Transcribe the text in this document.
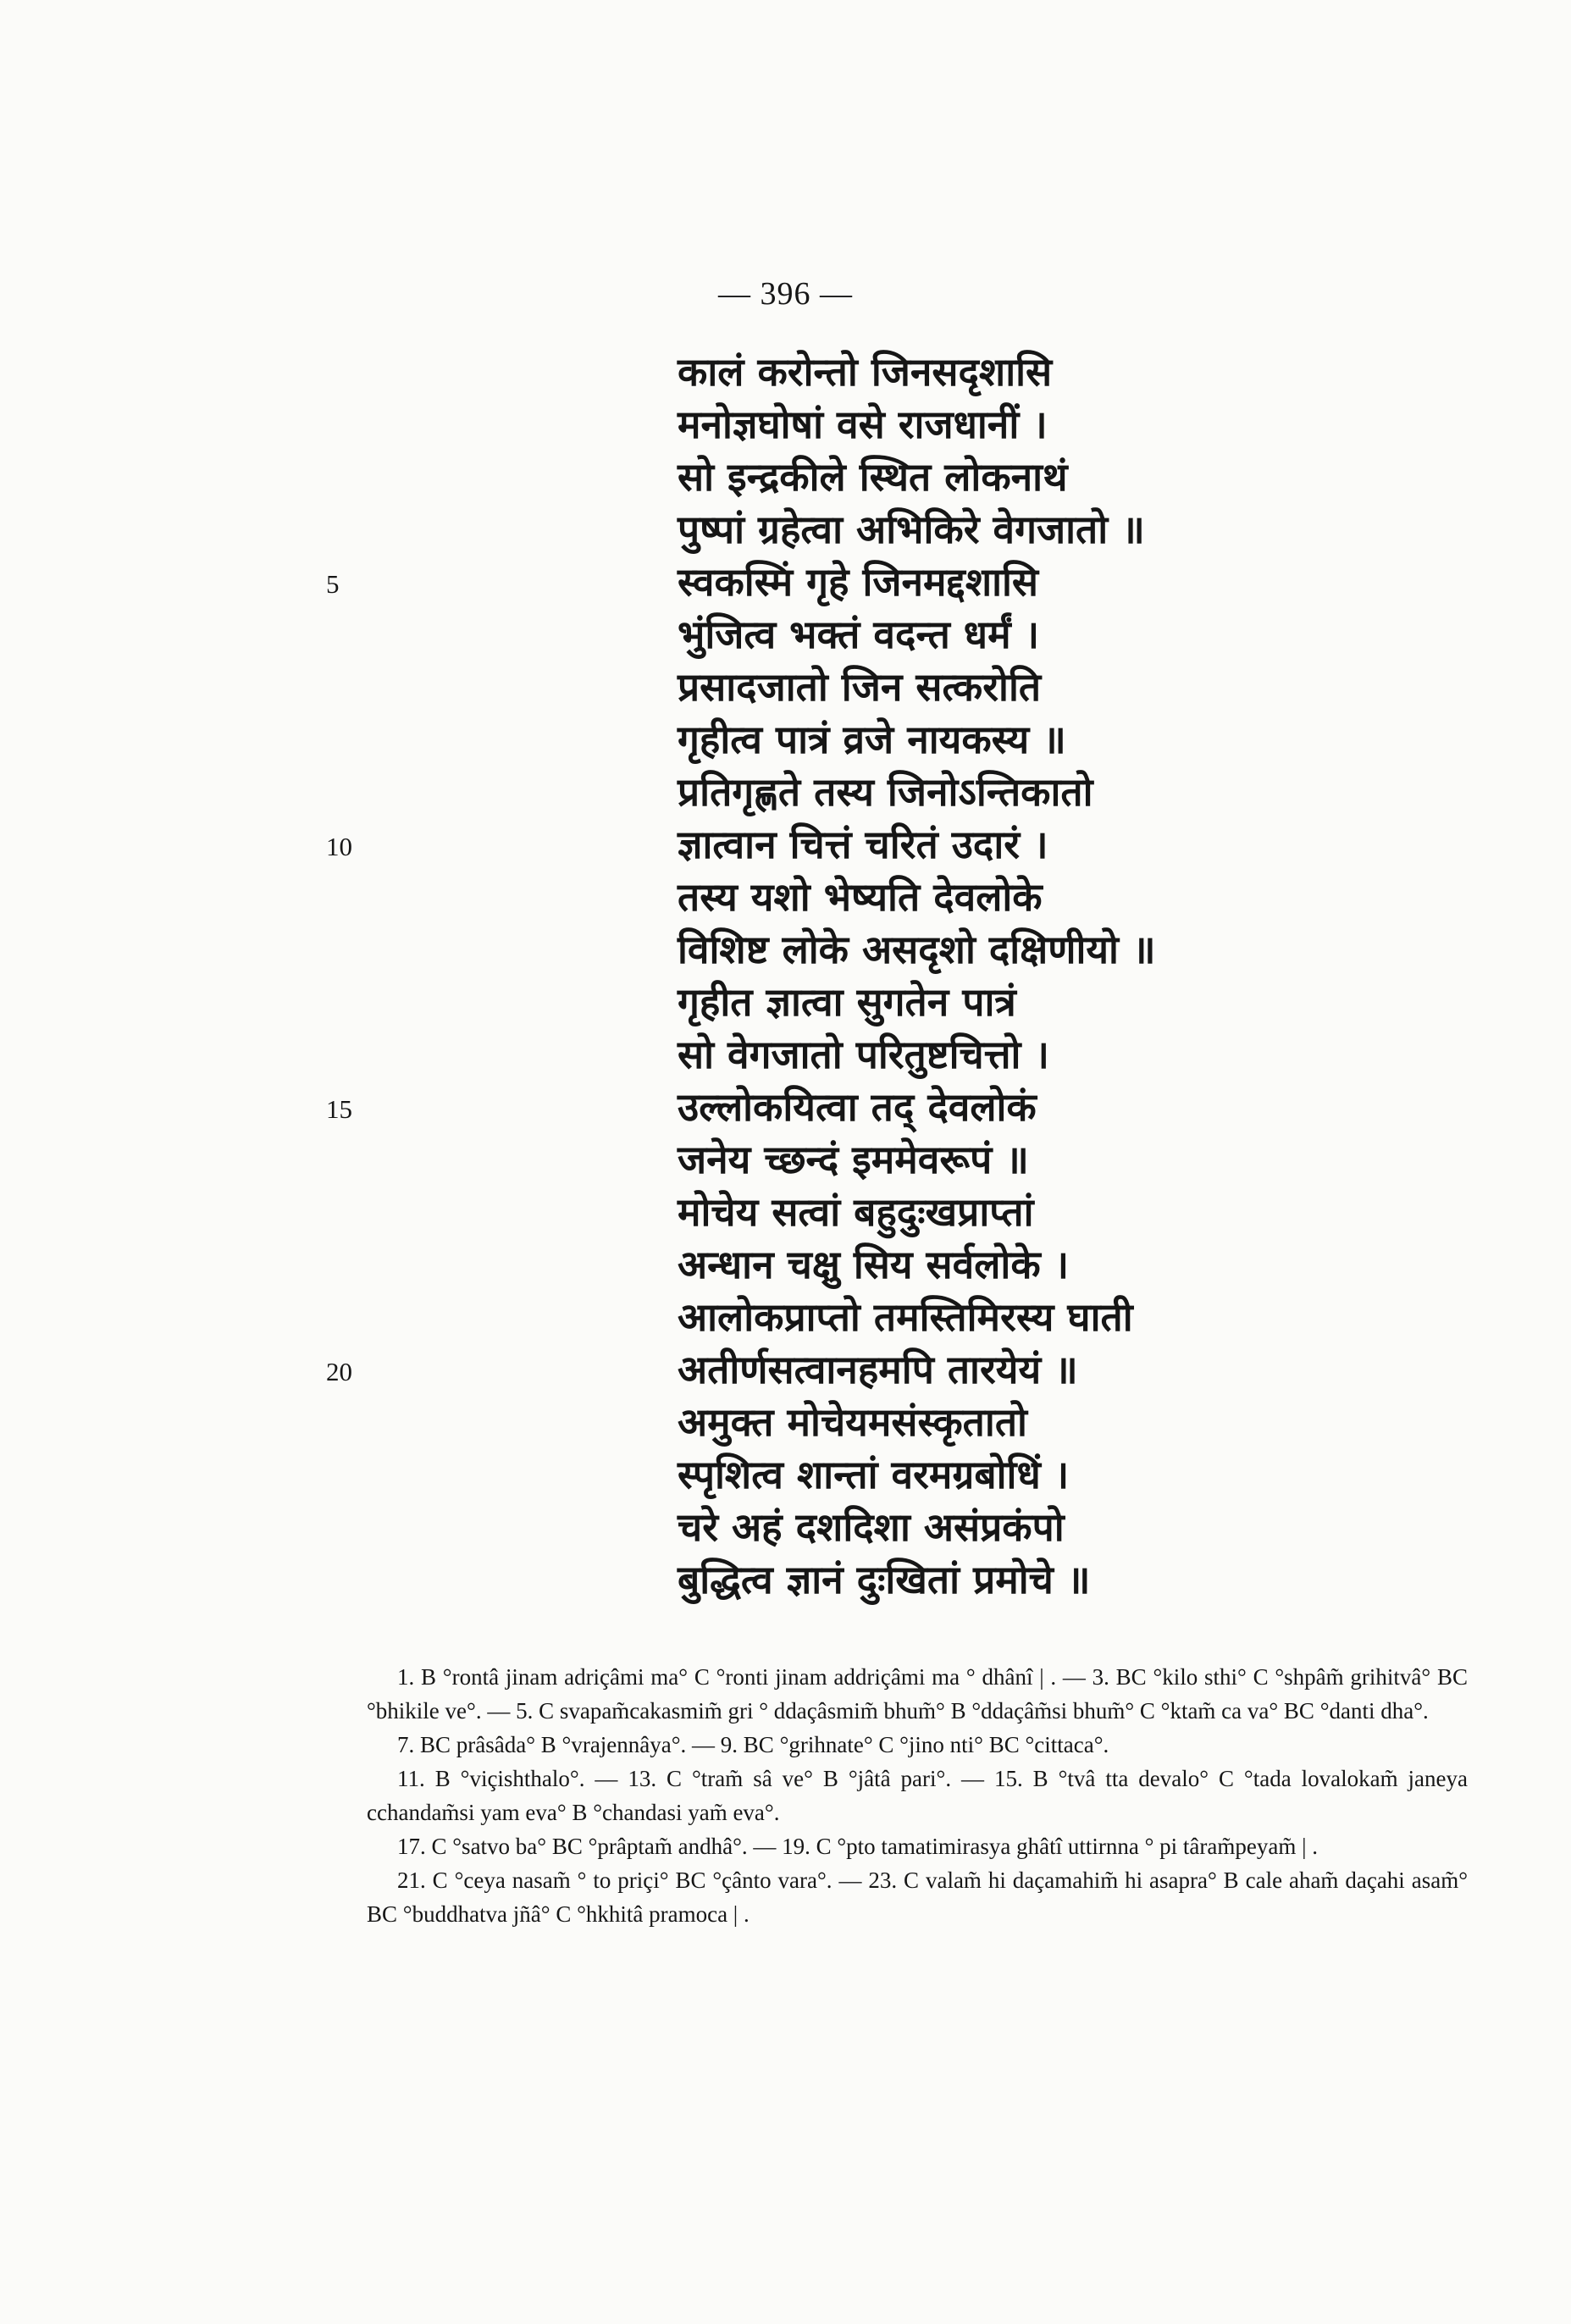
— 396 —
कालं करोन्तो जिनसदृशासि
मनोज्ञघोषां वसे राजधानीं ।
सो इन्द्रकीले स्थित लोकनाथं
पुष्पां ग्रहेत्वा अभिकिरे वेगजातो ॥
स्वकस्मिं गृहे जिनमद्दशासि
भुंजित्व भक्तं वदन्त धर्मं ।
प्रसादजातो जिन सत्करोति
गृहीत्व पात्रं व्रजे नायकस्य ॥
प्रतिगृह्णते तस्य जिनोऽन्तिकातो
ज्ञात्वान चित्तं चरितं उदारं ।
तस्य यशो भेष्यति देवलोके
विशिष्ट लोके असदृशो दक्षिणीयो ॥
गृहीत ज्ञात्वा सुगतेन पात्रं
सो वेगजातो परितुष्टचित्तो ।
उल्लोकयित्वा तद् देवलोकं
जनेय च्छन्दं इममेवरूपं ॥
मोचेय सत्वां बहुदुःखप्राप्तां
अन्धान चक्षु सिय सर्वलोके ।
आलोकप्राप्तो तमस्तिमिरस्य घाती
अतीर्णसत्वानहमपि तारयेयं ॥
अमुक्त मोचेयमसंस्कृतातो
स्पृशित्व शान्तां वरमग्रबोधिं ।
चरे अहं दशदिशा असंप्रकंपो
बुद्धित्व ज्ञानं दुःखितां प्रमोचे ॥
5
10
15
20

1. B °rontâ jinam adriçâmi ma° C °ronti jinam addriçâmi ma ° dhânî | . — 3. BC °kilo sthi° C °shpâm̃ grihitvâ° BC °bhikile ve°. — 5. C svapam̃cakasmim̃ gri ° ddaçâsmim̃ bhum̃° B °ddaçâm̃si bhum̃° C °ktam̃ ca va° BC °danti dha°.

7. BC prâsâda° B °vrajennâya°. — 9. BC °grihnate° C °jino nti° BC °cittaca°.

11. B °viçishthalo°. — 13. C °tram̃ sâ ve° B °jâtâ pari°. — 15. B °tvâ tta devalo° C °tada lovalokam̃ janeya cchandam̃si yam eva° B °chandasi yam̃ eva°.

17. C °satvo ba° BC °prâptam̃ andhâ°. — 19. C °pto tamatimirasya ghâtî uttirnna ° pi târam̃peyam̃ | .

21. C °ceya nasam̃ ° to priçi° BC °çânto vara°. — 23. C valam̃ hi daçamahim̃ hi asapra° B cale aham̃ daçahi asam̃° BC °buddhatva jñâ° C °hkhitâ pramoca | .
